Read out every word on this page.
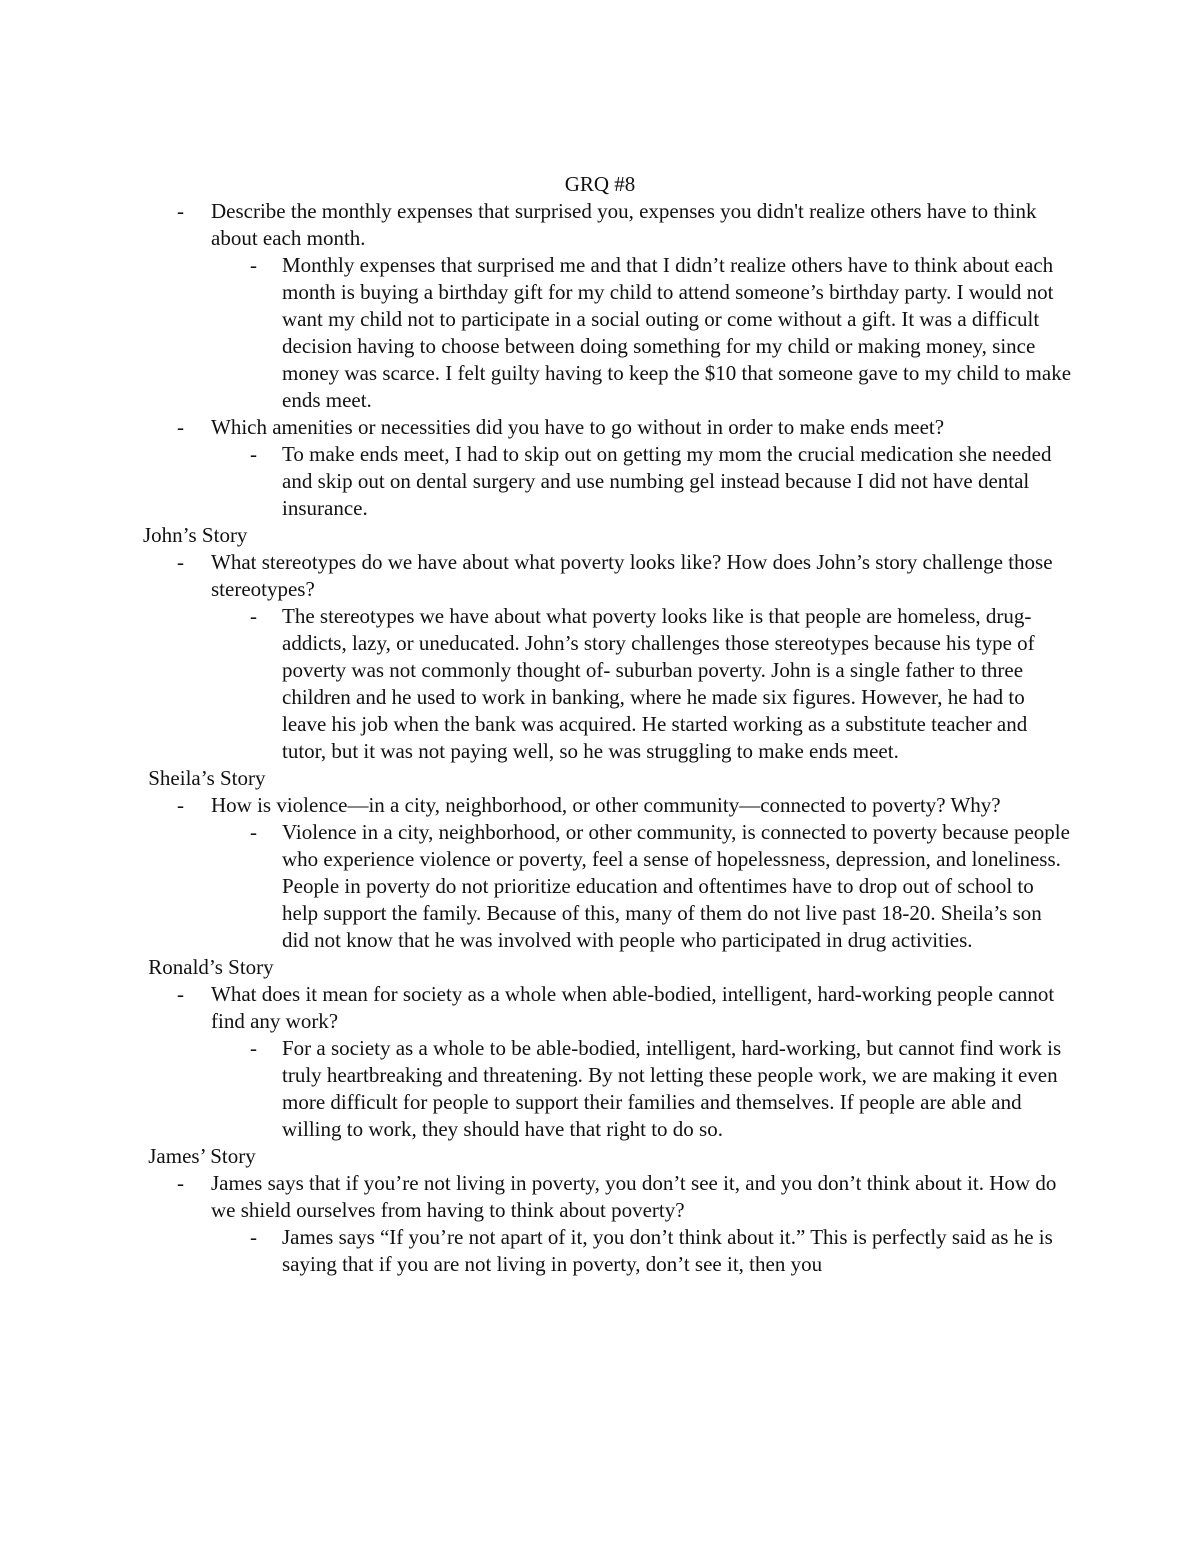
GRQ #8
- Describe the monthly expenses that surprised you, expenses you didn't realize others have to think about each month.
- Monthly expenses that surprised me and that I didn’t realize others have to think about each month is buying a birthday gift for my child to attend someone’s birthday party. I would not want my child not to participate in a social outing or come without a gift. It was a difficult decision having to choose between doing something for my child or making money, since money was scarce. I felt guilty having to keep the $10 that someone gave to my child to make ends meet.
- Which amenities or necessities did you have to go without in order to make ends meet?
- To make ends meet, I had to skip out on getting my mom the crucial medication she needed and skip out on dental surgery and use numbing gel instead because I did not have dental insurance.
John’s Story
- What stereotypes do we have about what poverty looks like? How does John’s story challenge those stereotypes?
- The stereotypes we have about what poverty looks like is that people are homeless, drug-addicts, lazy, or uneducated. John’s story challenges those stereotypes because his type of poverty was not commonly thought of- suburban poverty. John is a single father to three children and he used to work in banking, where he made six figures. However, he had to leave his job when the bank was acquired. He started working as a substitute teacher and tutor, but it was not paying well, so he was struggling to make ends meet.
Sheila’s Story
- How is violence—in a city, neighborhood, or other community—connected to poverty? Why?
- Violence in a city, neighborhood, or other community, is connected to poverty because people who experience violence or poverty, feel a sense of hopelessness, depression, and loneliness. People in poverty do not prioritize education and oftentimes have to drop out of school to help support the family. Because of this, many of them do not live past 18-20. Sheila’s son did not know that he was involved with people who participated in drug activities.
Ronald’s Story
- What does it mean for society as a whole when able-bodied, intelligent, hard-working people cannot find any work?
- For a society as a whole to be able-bodied, intelligent, hard-working, but cannot find work is truly heartbreaking and threatening. By not letting these people work, we are making it even more difficult for people to support their families and themselves. If people are able and willing to work, they should have that right to do so.
James’ Story
- James says that if you’re not living in poverty, you don’t see it, and you don’t think about it. How do we shield ourselves from having to think about poverty?
- James says “If you’re not apart of it, you don’t think about it.” This is perfectly said as he is saying that if you are not living in poverty, don’t see it, then you
